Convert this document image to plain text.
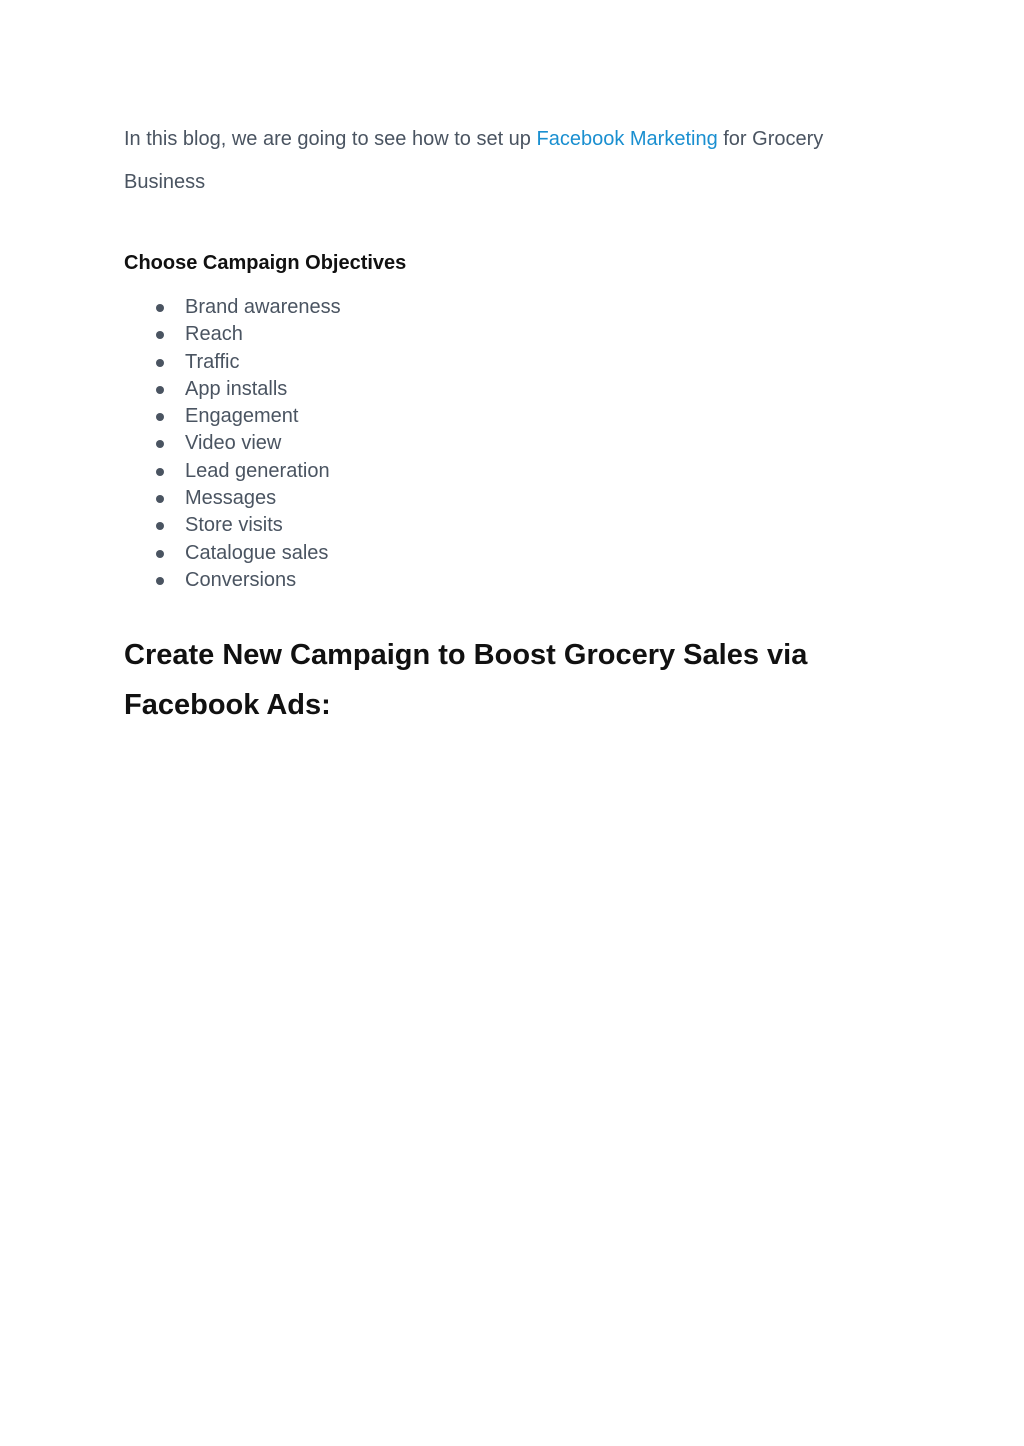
In this blog, we are going to see how to set up Facebook Marketing for Grocery Business

Choose Campaign Objectives
Brand awareness
Reach
Traffic
App installs
Engagement
Video view
Lead generation
Messages
Store visits
Catalogue sales
Conversions
Create New Campaign to Boost Grocery Sales via Facebook Ads:
